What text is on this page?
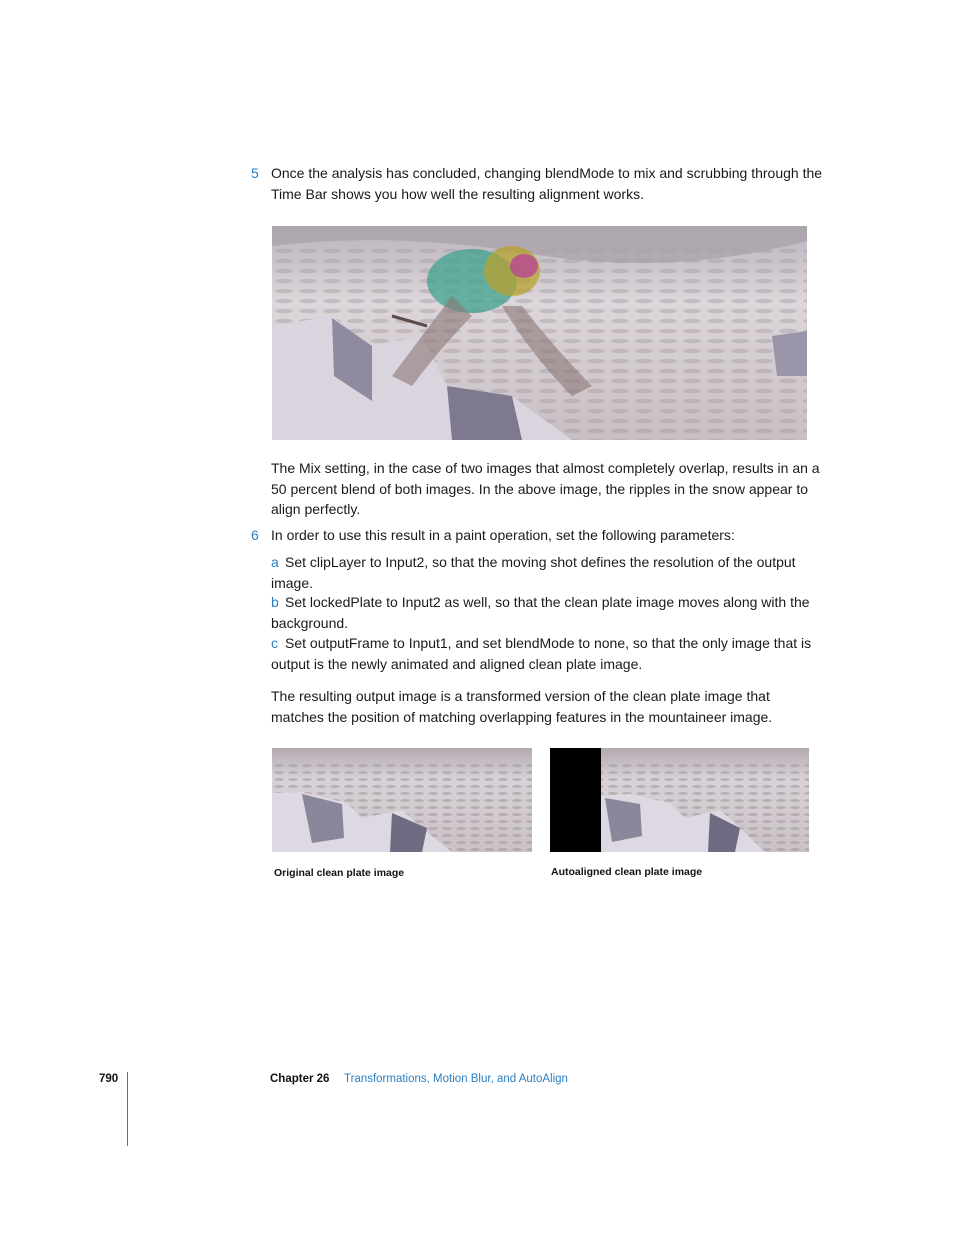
5 Once the analysis has concluded, changing blendMode to mix and scrubbing through the Time Bar shows you how well the resulting alignment works.
The Mix setting, in the case of two images that almost completely overlap, results in an a 50 percent blend of both images. In the above image, the ripples in the snow appear to align perfectly.
6 In order to use this result in a paint operation, set the following parameters:
a Set clipLayer to Input2, so that the moving shot defines the resolution of the output image.
b Set lockedPlate to Input2 as well, so that the clean plate image moves along with the background.
c Set outputFrame to Input1, and set blendMode to none, so that the only image that is output is the newly animated and aligned clean plate image.
The resulting output image is a transformed version of the clean plate image that matches the position of matching overlapping features in the mountaineer image.
Original clean plate image	Autoaligned clean plate image
790	Chapter 26 Transformations, Motion Blur, and AutoAlign
